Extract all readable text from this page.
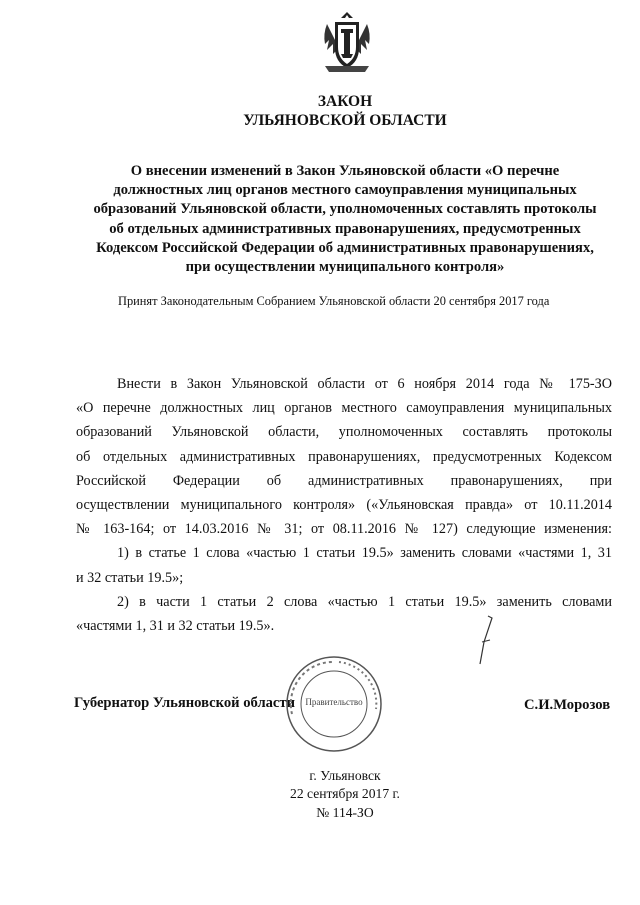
ЗАКОН
УЛЬЯНОВСКОЙ ОБЛАСТИ
О внесении изменений в Закон Ульяновской области «О перечне
должностных лиц органов местного самоуправления муниципальных
образований Ульяновской области, уполномоченных составлять протоколы
об отдельных административных правонарушениях, предусмотренных
Кодексом Российской Федерации об административных правонарушениях,
при осуществлении муниципального контроля»
Принят Законодательным Собранием Ульяновской области 20 сентября 2017 года
Внести в Закон Ульяновской области от 6 ноября 2014 года № 175-ЗО
«О перечне должностных лиц органов местного самоуправления муниципальных
образований Ульяновской области, уполномоченных составлять протоколы
об отдельных административных правонарушениях, предусмотренных Кодексом
Российской Федерации об административных правонарушениях, при
осуществлении муниципального контроля» («Ульяновская правда» от 10.11.2014
№ 163-164; от 14.03.2016 № 31; от 08.11.2016 № 127) следующие изменения:
1) в статье 1 слова «частью 1 статьи 19.5» заменить словами «частями 1, 31
и 32 статьи 19.5»;
2) в части 1 статьи 2 слова «частью 1 статьи 19.5» заменить словами
«частями 1, 31 и 32 статьи 19.5».
Губернатор Ульяновской области Правительство	С.И.Морозов
г. Ульяновск
22 сентября 2017 г.
№ 114-ЗО
